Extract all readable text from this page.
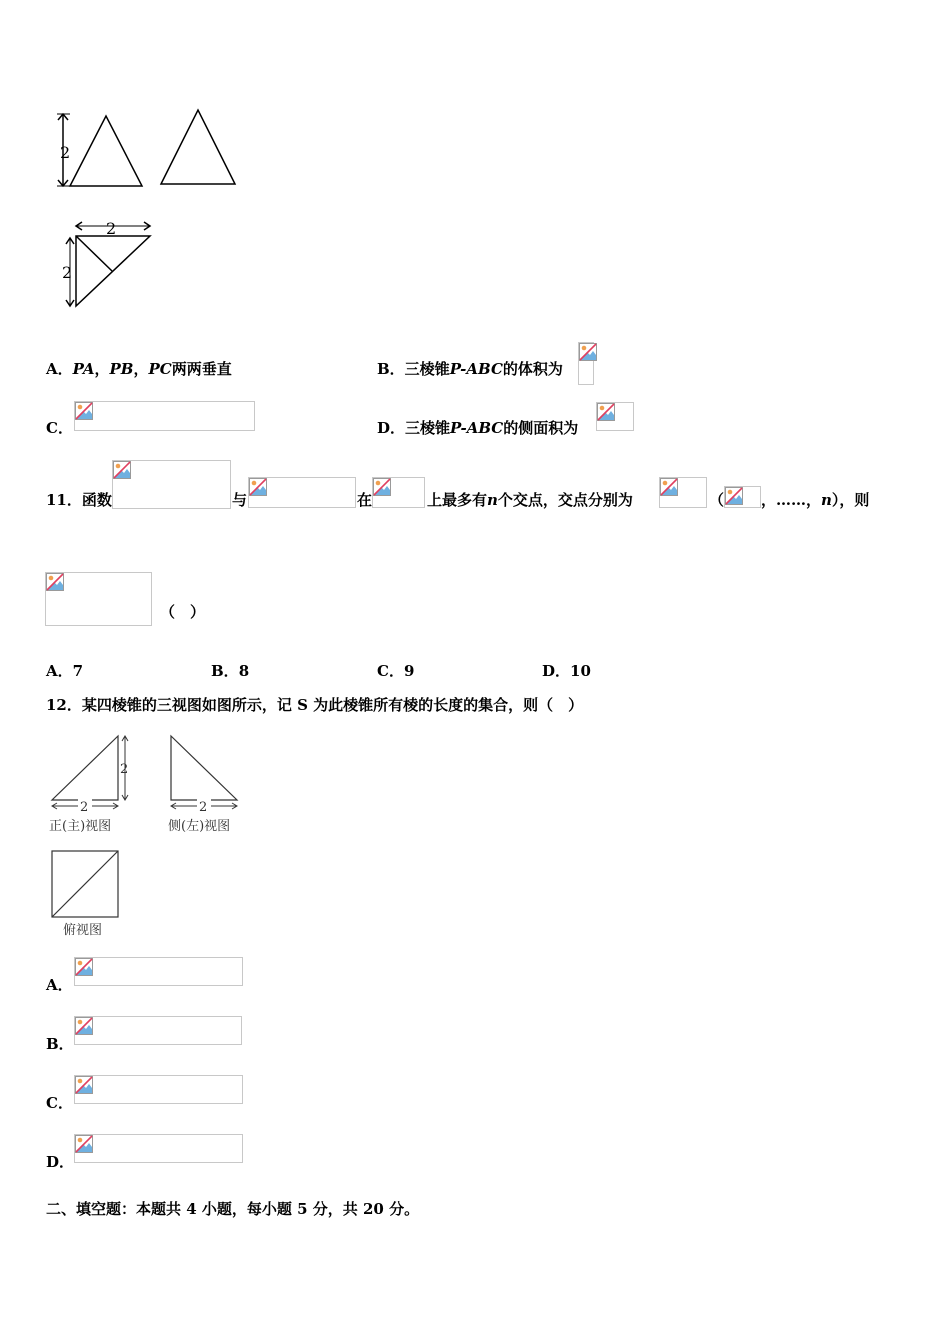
2
2
2
A．PA，PB，PC两两垂直	B．三棱锥P-ABC的体积为
C．	D．三棱锥P-ABC的侧面积为
11．函数	与	在	上最多有n个交点，交点分别为	（ ，……，n），则
（　）
A．7	B．8	C．9	D．10
12．某四棱锥的三视图如图所示，记 S 为此棱锥所有棱的长度的集合，则（　）
2
2
正(主)视图
2
侧(左)视图
俯视图
A．
B．
C．
D．
二、填空题：本题共 4 小题，每小题 5 分，共 20 分。
